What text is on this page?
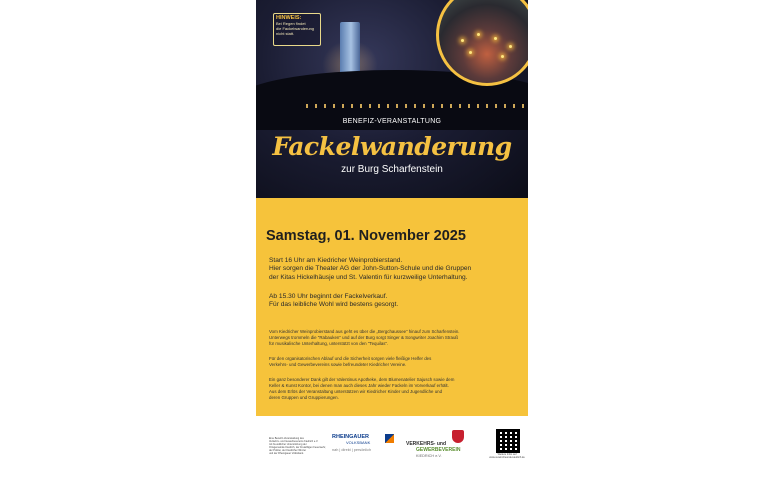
HINWEIS:
Bei Regen findet
die Fackelwanderung
nicht statt.
BENEFIZ-VERANSTALTUNG
Fackelwanderung
zur Burg Scharfenstein
Samstag, 01. November 2025
Start 16 Uhr am Kiedricher Weinprobierstand.
Hier sorgen die Theater AG der John-Sutton-Schule und die Gruppen
der Kitas Hickelhäusje und St. Valentin für kurzweilige Unterhaltung.
Ab 15.30 Uhr beginnt der Fackelverkauf.
Für das leibliche Wohl wird bestens gesorgt.
Vom Kiedricher Weinprobierstand aus geht es über die „Bergchaussee“ hinauf zum Scharfenstein.
Unterwegs trommeln die "Rabauken" und auf der Burg sorgt Singer & Songwriter Joachim Strauß
für musikalische Unterhaltung, unterstützt von den "Tequilas".
Für den organisatorischen Ablauf und die Sicherheit sorgen viele fleißige Helfer des
Verkehrs- und Gewerbevereins sowie befreundeter Kiedricher Vereine.
Ein ganz besonderer Dank gilt der Valentinus Apotheke, dem Blumenatelier Sajusch sowie dem
Keller & Kunst Kontor, bei denen man auch dieses Jahr wieder Fackeln im Vorverkauf erhält.
Aus dem Erlös der Veranstaltung unterstützen wir Kiedricher Kinder und Jugendliche und
deren Gruppen und Gruppierungen.
Eine Benefiz-Veranstaltung des
Verkehrs- und Gewerbevereins Kiedrich e.V.
mit freundlicher Unterstützung der
Ortsgemeinde Kiedrich, der Freiwilligen Feuerwehr,
der Polizei, der Kiedricher Winzer
und der Rheingauer Volksbank.
RHEINGAUER
VOLKSBANK
nah | direkt | persönlich
VERKEHRS- und
GEWERBEVEREIN
KIEDRICH e.V.	Weitere Infos auf
www.vereinsfreunde-kiedrich.de
